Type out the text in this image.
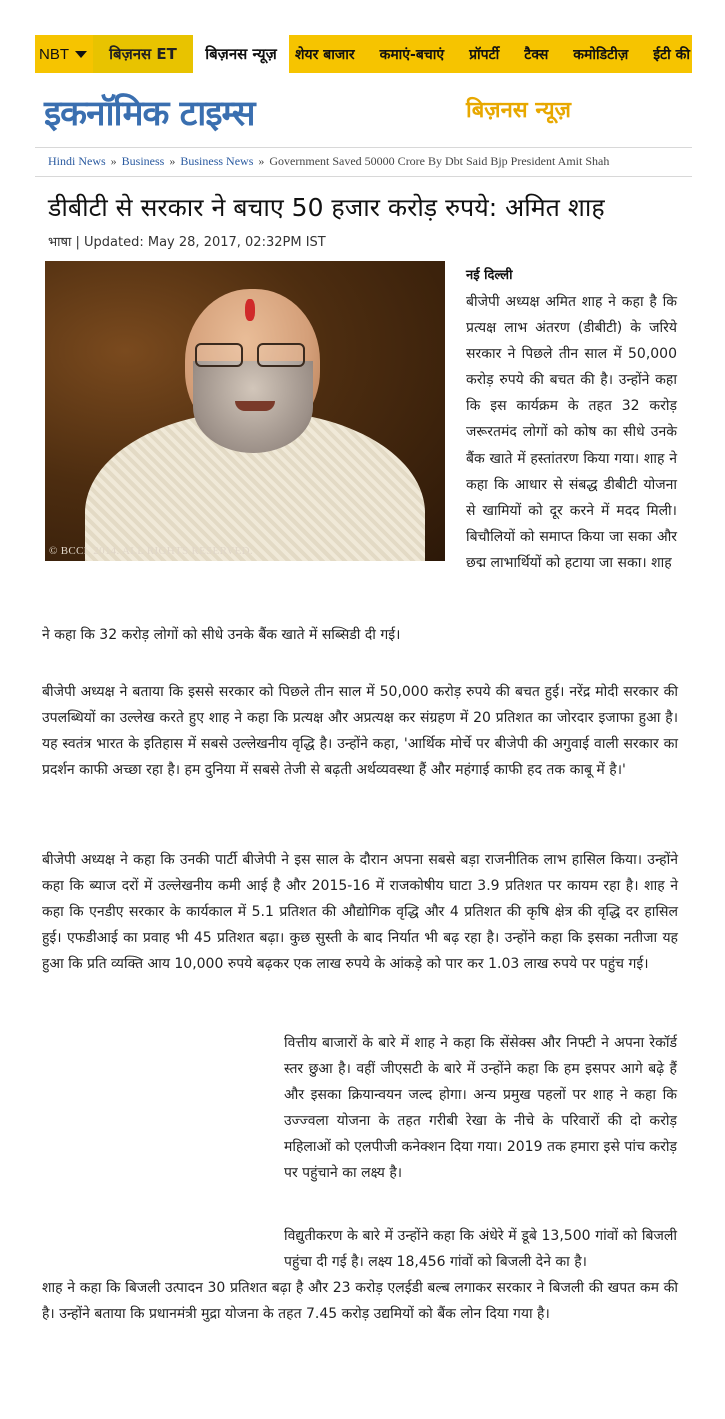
NBT	बिज़नस ET	बिज़नस न्यूज़	शेयर बाजार कमाएं-बचाएं प्रॉपर्टी टैक्स कमोडिटीज़ ईटी की
इकनॉमिक टाइम्स	बिज़नस न्यूज़
Hindi News » Business » Business News » Government Saved 50000 Crore By Dbt Said Bjp President Amit Shah
डीबीटी से सरकार ने बचाए 50 हजार करोड़ रुपये: अमित शाह
भाषा | Updated: May 28, 2017, 02:32PM IST
© BCCL 2014. ALL RIGHTS RESERVED.
नई दिल्ली
बीजेपी अध्यक्ष अमित शाह ने कहा है कि प्रत्यक्ष लाभ अंतरण (डीबीटी) के जरिये सरकार ने पिछले तीन साल में 50,000 करोड़ रुपये की बचत की है। उन्होंने कहा कि इस कार्यक्रम के तहत 32 करोड़ जरूरतमंद लोगों को कोष का सीधे उनके बैंक खाते में हस्तांतरण किया गया। शाह ने कहा कि आधार से संबद्ध डीबीटी योजना से खामियों को दूर करने में मदद मिली। बिचौलियों को समाप्त किया जा सका और छद्म लाभार्थियों को हटाया जा सका। शाह
ने कहा कि 32 करोड़ लोगों को सीधे उनके बैंक खाते में सब्सिडी दी गई।
बीजेपी अध्यक्ष ने बताया कि इससे सरकार को पिछले तीन साल में 50,000 करोड़ रुपये की बचत हुई। नरेंद्र मोदी सरकार की उपलब्धियों का उल्लेख करते हुए शाह ने कहा कि प्रत्यक्ष और अप्रत्यक्ष कर संग्रहण में 20 प्रतिशत का जोरदार इजाफा हुआ है। यह स्वतंत्र भारत के इतिहास में सबसे उल्लेखनीय वृद्धि है। उन्होंने कहा, 'आर्थिक मोर्चे पर बीजेपी की अगुवाई वाली सरकार का प्रदर्शन काफी अच्छा रहा है। हम दुनिया में सबसे तेजी से बढ़ती अर्थव्यवस्था हैं और महंगाई काफी हद तक काबू में है।'
बीजेपी अध्यक्ष ने कहा कि उनकी पार्टी बीजेपी ने इस साल के दौरान अपना सबसे बड़ा राजनीतिक लाभ हासिल किया। उन्होंने कहा कि ब्याज दरों में उल्लेखनीय कमी आई है और 2015-16 में राजकोषीय घाटा 3.9 प्रतिशत पर कायम रहा है। शाह ने कहा कि एनडीए सरकार के कार्यकाल में 5.1 प्रतिशत की औद्योगिक वृद्धि और 4 प्रतिशत की कृषि क्षेत्र की वृद्धि दर हासिल हुई। एफडीआई का प्रवाह भी 45 प्रतिशत बढ़ा। कुछ सुस्ती के बाद निर्यात भी बढ़ रहा है। उन्होंने कहा कि इसका नतीजा यह हुआ कि प्रति व्यक्ति आय 10,000 रुपये बढ़कर एक लाख रुपये के आंकड़े को पार कर 1.03 लाख रुपये पर पहुंच गई।
वित्तीय बाजारों के बारे में शाह ने कहा कि सेंसेक्स और निफ्टी ने अपना रेकॉर्ड स्तर छुआ है। वहीं जीएसटी के बारे में उन्होंने कहा कि हम इसपर आगे बढ़े हैं और इसका क्रियान्वयन जल्द होगा। अन्य प्रमुख पहलों पर शाह ने कहा कि उज्ज्वला योजना के तहत गरीबी रेखा के नीचे के परिवारों की दो करोड़ महिलाओं को एलपीजी कनेक्शन दिया गया। 2019 तक हमारा इसे पांच करोड़ पर पहुंचाने का लक्ष्य है।
विद्युतीकरण के बारे में उन्होंने कहा कि अंधेरे में डूबे 13,500 गांवों को बिजली पहुंचा दी गई है। लक्ष्य 18,456 गांवों को बिजली देने का है।
शाह ने कहा कि बिजली उत्पादन 30 प्रतिशत बढ़ा है और 23 करोड़ एलईडी बल्ब लगाकर सरकार ने बिजली की खपत कम की है। उन्होंने बताया कि प्रधानमंत्री मुद्रा योजना के तहत 7.45 करोड़ उद्यमियों को बैंक लोन दिया गया है।
